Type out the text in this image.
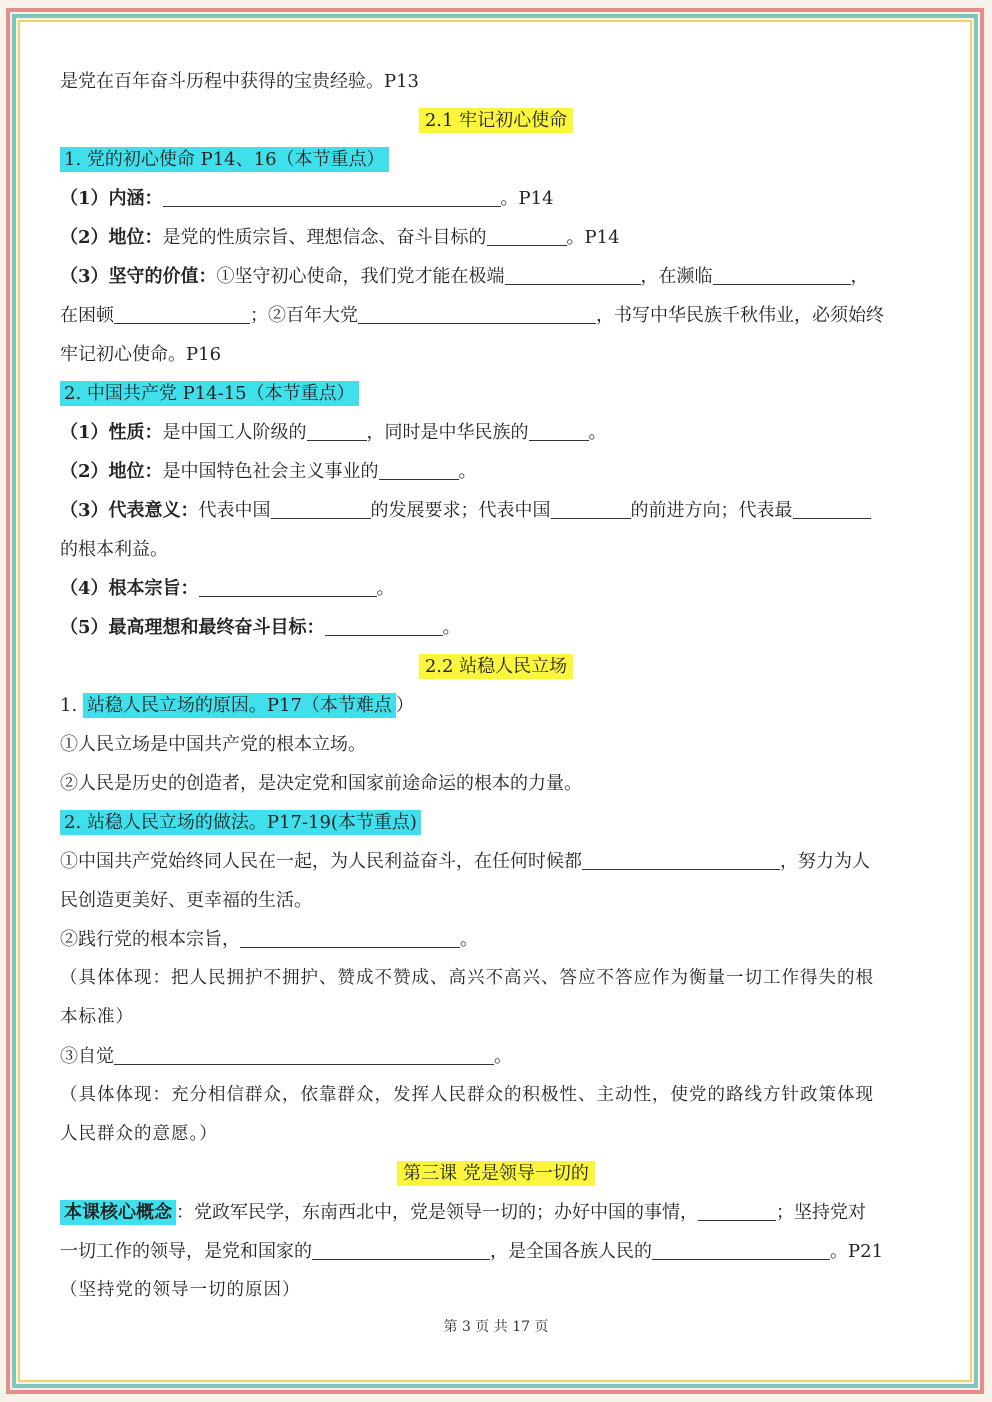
是党在百年奋斗历程中获得的宝贵经验。P13
2.1 牢记初心使命
1. 党的初心使命 P14、16（本节重点）
（1）内涵：	。P14
（2）地位：是党的性质宗旨、理想信念、奋斗目标的	。P14
（3）坚守的价值：①坚守初心使命，我们党才能在极端	，在濒临	，
在困顿	；②百年大党	，书写中华民族千秋伟业，必须始终
牢记初心使命。P16
2. 中国共产党 P14-15（本节重点）
（1）性质：是中国工人阶级的	，同时是中华民族的	。
（2）地位：是中国特色社会主义事业的	。
（3）代表意义：代表中国	的发展要求；代表中国	的前进方向；代表最
的根本利益。
（4）根本宗旨：	。
（5）最高理想和最终奋斗目标：	。
2.2 站稳人民立场
1. 站稳人民立场的原因。P17（本节难点 ）
①人民立场是中国共产党的根本立场。
②人民是历史的创造者，是决定党和国家前途命运的根本的力量。
2. 站稳人民立场的做法。P17-19(本节重点)
①中国共产党始终同人民在一起，为人民利益奋斗，在任何时候都	，努力为人
民创造更美好、更幸福的生活。
②践行党的根本宗旨，	。
（具体体现：把人民拥护不拥护、赞成不赞成、高兴不高兴、答应不答应作为衡量一切工作得失的根
本标准）
③自觉	。
（具体体现：充分相信群众，依靠群众，发挥人民群众的积极性、主动性，使党的路线方针政策体现
人民群众的意愿。）
第三课 党是领导一切的
本课核心概念 ：党政军民学，东南西北中，党是领导一切的；办好中国的事情，	；坚持党对
一切工作的领导，是党和国家的	，是全国各族人民的	。P21
（坚持党的领导一切的原因）
第 3 页 共 17 页
